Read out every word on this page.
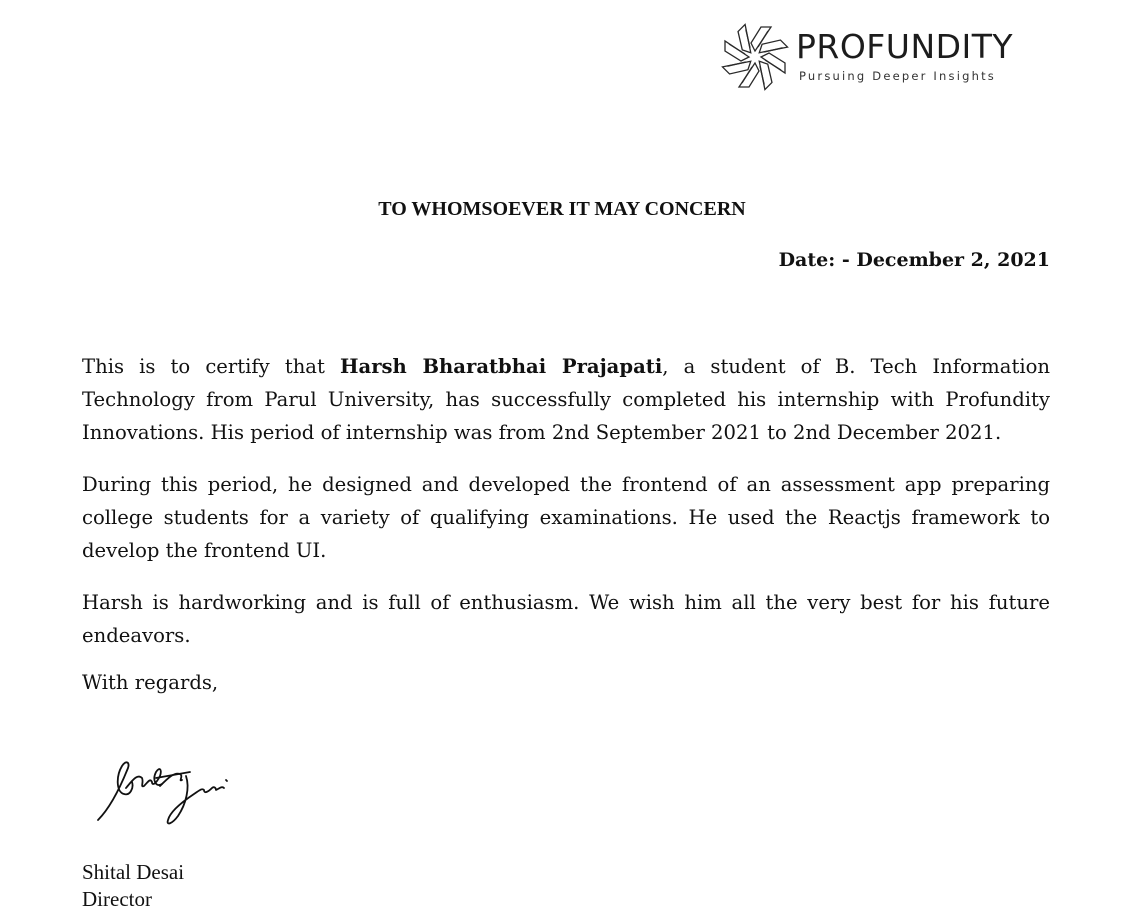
PROFUNDITY
Pursuing Deeper Insights
TO WHOMSOEVER IT MAY CONCERN

Date: - December 2, 2021

This is to certify that Harsh Bharatbhai Prajapati, a student of B. Tech Information Technology from Parul University, has successfully completed his internship with Profundity Innovations. His period of internship was from 2nd September 2021 to 2nd December 2021.

During this period, he designed and developed the frontend of an assessment app preparing college students for a variety of qualifying examinations. He used the Reactjs framework to develop the frontend UI.

Harsh is hardworking and is full of enthusiasm. We wish him all the very best for his future endeavors.

With regards,

Shital Desai
Director
